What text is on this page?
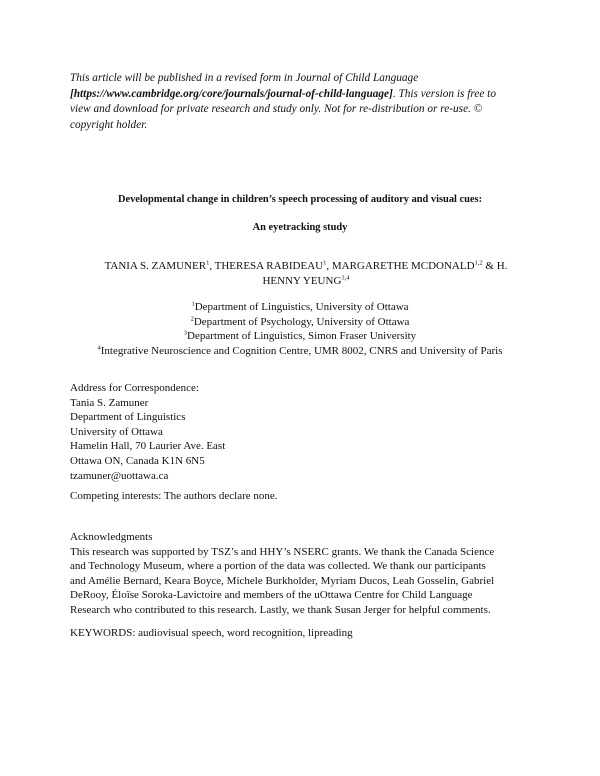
This article will be published in a revised form in Journal of Child Language
[https://www.cambridge.org/core/journals/journal-of-child-language]. This version is free to
view and download for private research and study only. Not for re-distribution or re-use. ©
copyright holder.
Developmental change in children’s speech processing of auditory and visual cues:
An eyetracking study
TANIA S. ZAMUNER$^1$, THERESA RABIDEAU$^1$, MARGARETHE MCDONALD$^{1,2}$ & H.
HENNY YEUNG$^{3,4}$
$^1$Department of Linguistics, University of Ottawa
$^2$Department of Psychology, University of Ottawa
$^3$Department of Linguistics, Simon Fraser University
$^4$Integrative Neuroscience and Cognition Centre, UMR 8002, CNRS and University of Paris
Address for Correspondence:
Tania S. Zamuner
Department of Linguistics
University of Ottawa
Hamelin Hall, 70 Laurier Ave. East
Ottawa ON, Canada K1N 6N5
tzamuner@uottawa.ca
Competing interests: The authors declare none.
Acknowledgments
This research was supported by TSZ’s and HHY’s NSERC grants. We thank the Canada Science
and Technology Museum, where a portion of the data was collected. We thank our participants
and Amélie Bernard, Keara Boyce, Michele Burkholder, Myriam Ducos, Leah Gosselin, Gabriel
DeRooy, Éloïse Soroka-Lavictoire and members of the uOttawa Centre for Child Language
Research who contributed to this research. Lastly, we thank Susan Jerger for helpful comments.
KEYWORDS: audiovisual speech, word recognition, lipreading
